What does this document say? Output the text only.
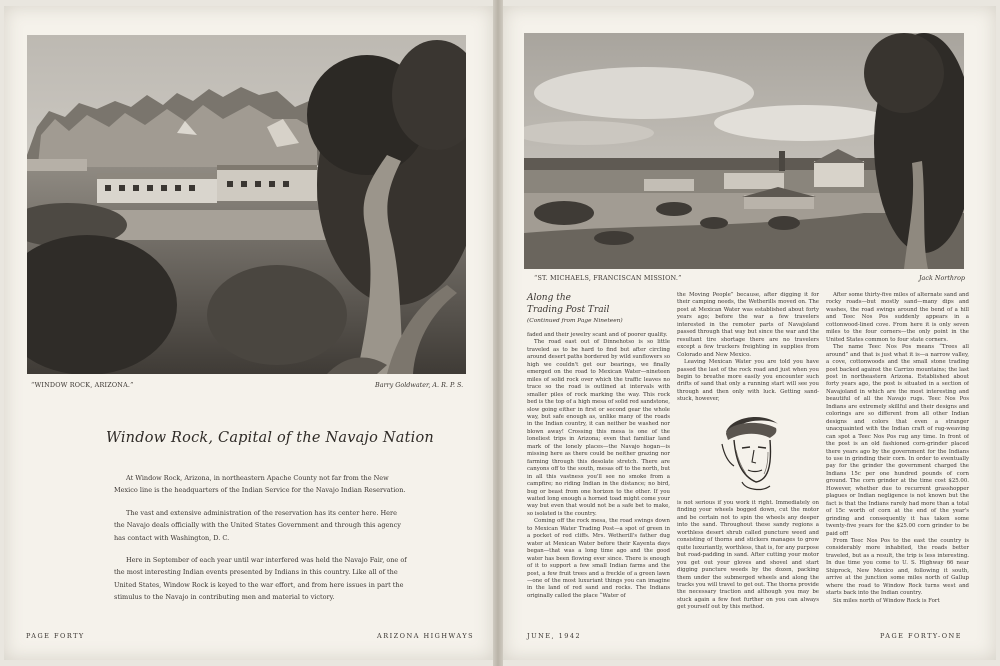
“WINDOW ROCK, ARIZONA.”	Barry Goldwater, A. R. P. S.
Window Rock, Capital of the Navajo Nation

At Window Rock, Arizona, in northeastern Apache County not far from the New Mexico line is the headquarters of the Indian Service for the Navajo Indian Reservation.

The vast and extensive administration of the reservation has its center here. Here the Navajo deals officially with the United States Government and through this agency has contact with Washington, D. C.

Here in September of each year until war interfered was held the Navajo Fair, one of the most interesting Indian events presented by Indians in this country. Like all of the United States, Window Rock is keyed to the war effort, and from here issues in part the stimulus to the Navajo in contributing men and material to victory.

PAGE FORTY	ARIZONA HIGHWAYS
“ST. MICHAELS, FRANCISCAN MISSION.”	Jack Northrop
Along the
Trading Post Trail
(Continued from Page Nineteen)

faded and their jewelry scant and of poorer quality.

The road east out of Dinnehotso is so little traveled as to be hard to find but after circling around desert paths bordered by wild sunflowers so high we couldn't get our bearings, we finally emerged on the road to Mexican Water—nineteen miles of solid rock over which the traffic leaves no trace so the road is outlined at intervals with smaller piles of rock marking the way. This rock bed is the top of a high mesa of solid red sandstone, slow going either in first or second gear the whole way, but safe enough as, unlike many of the roads in the Indian country, it can neither be washed nor blown away! Crossing this mesa is one of the loneliest trips in Arizona; even that familiar land mark of the lonely places—the Navajo hogan—is missing here as there could be neither grazing nor farming through this desolate stretch. There are canyons off to the south, mesas off to the north, but in all this vastness you'll see no smoke from a campfire; no riding Indian in the distance; no bird, bug or beast from one horizon to the other. If you waited long enough a horned toad might come your way but even that would not be a safe bet to make, so isolated is the country.

Coming off the rock mesa, the road swings down to Mexican Water Trading Post—a spot of green in a pocket of red cliffs. Mrs. Wetherill's father dug water at Mexican Water before their Kayenta days began—that was a long time ago and the good water has been flowing ever since. There is enough of it to support a few small Indian farms and the post, a few fruit trees and a freckle of a green lawn—one of the most luxuriant things you can imagine in the land of red sand and rocks. The Indians originally called the place “Water of

the Moving People” because, after digging it for their camping needs, the Wetherills moved on. The post at Mexican Water was established about forty years ago; before the war a few travelers interested in the remoter parts of Navajoland passed through that way but since the war and the resultant tire shortage there are no travelers except a few truckers freighting in supplies from Colorado and New Mexico.

Leaving Mexican Water you are told you have passed the last of the rock road and just when you begin to breathe more easily you encounter such drifts of sand that only a running start will see you through and then only with luck. Getting sand-stuck, however,

is not serious if you work it right. Immediately on finding your wheels bogged down, cut the motor and be certain not to spin the wheels any deeper into the sand. Throughout these sandy regions a worthless desert shrub called puncture weed and consisting of thorns and stickers manages to grow quite luxuriantly, worthless, that is, for any purpose but road-padding in sand. After cutting your motor you get out your gloves and shovel and start digging puncture weeds by the dozen, packing them under the submerged wheels and along the tracks you will travel to get out. The thorns provide the necessary traction and although you may be stuck again a few feet further on you can always get yourself out by this method.

After some thirty-five miles of alternate sand and rocky roads—but mostly sand—many dips and washes, the road swings around the bend of a hill and Teec Nos Pos suddenly appears in a cottonwood-lined cove. From here it is only seven miles to the four corners—the only point in the United States common to four state corners.

The name Teec Nos Pos means “Trees all around” and that is just what it is—a narrow valley, a cove, cottonwoods and the small stone trading post backed against the Carrizo mountains; the last post in northeastern Arizona. Established about forty years ago, the post is situated in a section of Navajoland in which are the most interesting and beautiful of all the Navajo rugs. Teec Nos Pos Indians are extremely skillful and their designs and colorings are so different from all other Indian designs and colors that even a stranger unacquainted with the Indian craft of rug-weaving can spot a Teec Nos Pos rug any time. In front of the post is an old fashioned corn-grinder placed there years ago by the government for the Indians to use in grinding their corn. In order to eventually pay for the grinder the government charged the Indians 15c per one hundred pounds of corn ground. The corn grinder at the time cost $25.00. However, whether due to recurrent grasshopper plagues or Indian negligence is not known but the fact is that the Indians rarely had more than a total of 15c worth of corn at the end of the year's grinding and consequently it has taken some twenty-five years for the $25.00 corn grinder to be paid off!

From Teec Nos Pos to the east the country is considerably more inhabited, the roads better traveled, but as a result, the trip is less interesting. In due time you come to U. S. Highway 66 near Shiprock, New Mexico and, following it south, arrive at the junction some miles north of Gallup where the road to Window Rock turns west and starts back into the Indian country.

Six miles north of Window Rock is Fort

JUNE, 1942	PAGE FORTY-ONE
